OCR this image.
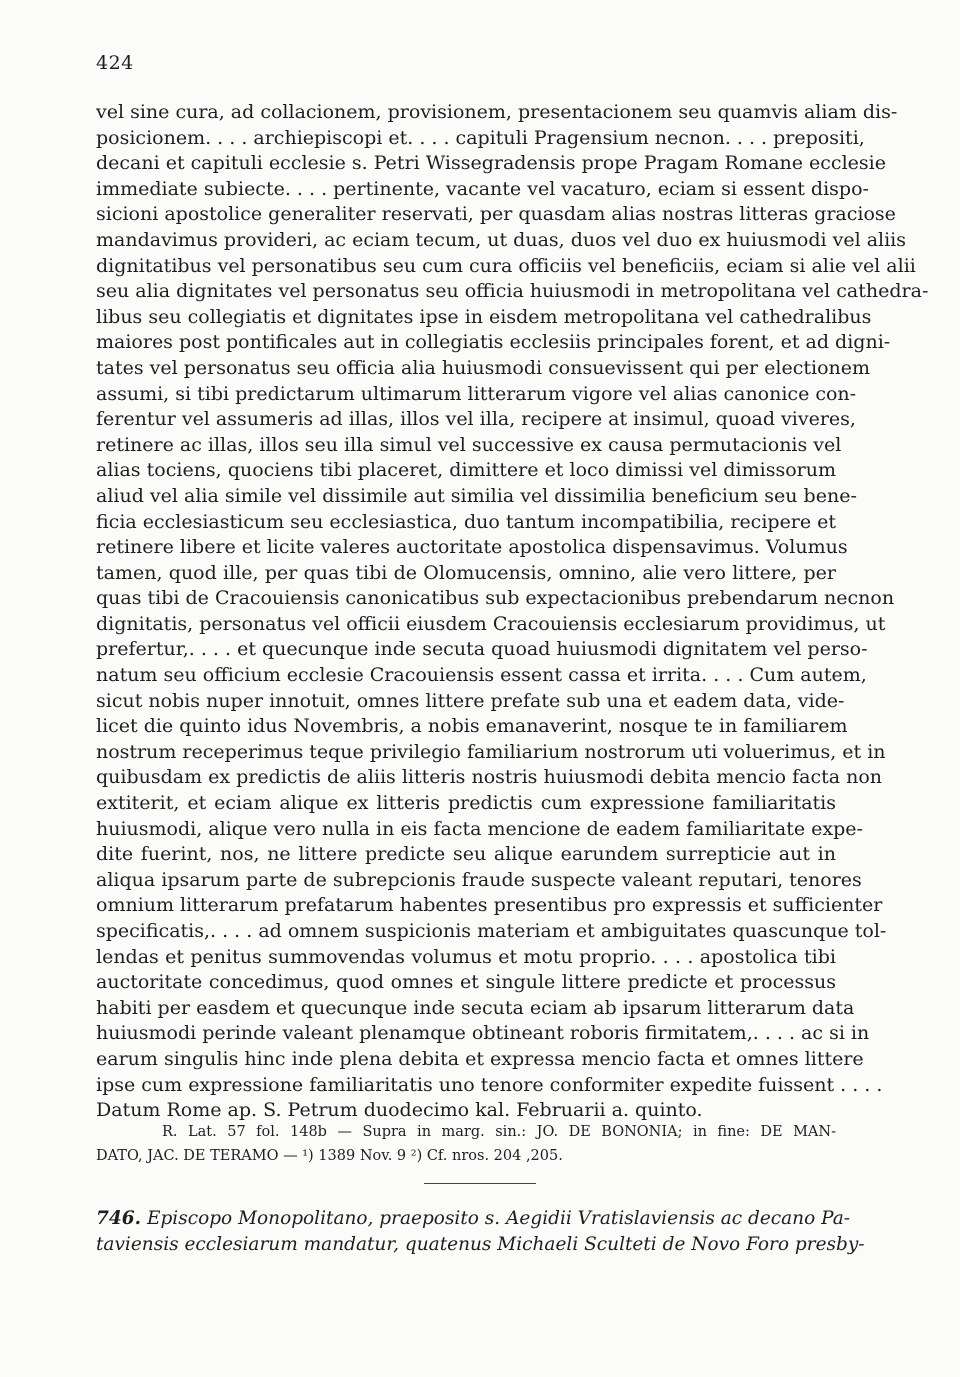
424
vel sine cura, ad collacionem, provisionem, presentacionem seu quamvis aliam dis-
posicionem. . . . archiepiscopi et. . . . capituli Pragensium necnon. . . . prepositi,
decani et capituli ecclesie s. Petri Wissegradensis prope Pragam Romane ecclesie
immediate subiecte. . . . pertinente, vacante vel vacaturo, eciam si essent dispo-
sicioni apostolice generaliter reservati, per quasdam alias nostras litteras graciose
mandavimus provideri, ac eciam tecum, ut duas, duos vel duo ex huiusmodi vel aliis
dignitatibus vel personatibus seu cum cura officiis vel beneficiis, eciam si alie vel alii
seu alia dignitates vel personatus seu officia huiusmodi in metropolitana vel cathedra-
libus seu collegiatis et dignitates ipse in eisdem metropolitana vel cathedralibus
maiores post pontificales aut in collegiatis ecclesiis principales forent, et ad digni-
tates vel personatus seu officia alia huiusmodi consuevissent qui per electionem
assumi, si tibi predictarum ultimarum litterarum vigore vel alias canonice con-
ferentur vel assumeris ad illas, illos vel illa, recipere at insimul, quoad viveres,
retinere ac illas, illos seu illa simul vel successive ex causa permutacionis vel
alias tociens, quociens tibi placeret, dimittere et loco dimissi vel dimissorum
aliud vel alia simile vel dissimile aut similia vel dissimilia beneficium seu bene-
ficia ecclesiasticum seu ecclesiastica, duo tantum incompatibilia, recipere et
retinere libere et licite valeres auctoritate apostolica dispensavimus. Volumus
tamen, quod ille, per quas tibi de Olomucensis, omnino, alie vero littere, per
quas tibi de Cracouiensis canonicatibus sub expectacionibus prebendarum necnon
dignitatis, personatus vel officii eiusdem Cracouiensis ecclesiarum providimus, ut
prefertur,. . . . et quecunque inde secuta quoad huiusmodi dignitatem vel perso-
natum seu officium ecclesie Cracouiensis essent cassa et irrita. . . . Cum autem,
sicut nobis nuper innotuit, omnes littere prefate sub una et eadem data, vide-
licet die quinto idus Novembris, a nobis emanaverint, nosque te in familiarem
nostrum receperimus teque privilegio familiarium nostrorum uti voluerimus, et in
quibusdam ex predictis de aliis litteris nostris huiusmodi debita mencio facta non
extiterit, et eciam alique ex litteris predictis cum expressione familiaritatis
huiusmodi, alique vero nulla in eis facta mencione de eadem familiaritate expe-
dite fuerint, nos, ne littere predicte seu alique earundem surrepticie aut in
aliqua ipsarum parte de subrepcionis fraude suspecte valeant reputari, tenores
omnium litterarum prefatarum habentes presentibus pro expressis et sufficienter
specificatis,. . . . ad omnem suspicionis materiam et ambiguitates quascunque tol-
lendas et penitus summovendas volumus et motu proprio. . . . apostolica tibi
auctoritate concedimus, quod omnes et singule littere predicte et processus
habiti per easdem et quecunque inde secuta eciam ab ipsarum litterarum data
huiusmodi perinde valeant plenamque obtineant roboris firmitatem,. . . . ac si in
earum singulis hinc inde plena debita et expressa mencio facta et omnes littere
ipse cum expressione familiaritatis uno tenore conformiter expedite fuissent . . . .
Datum Rome ap. S. Petrum duodecimo kal. Februarii a. quinto.
R. Lat. 57 fol. 148b — Supra in marg. sin.: JO. DE BONONIA; in fine: DE MAN-
DATO, JAC. DE TERAMO — ¹) 1389 Nov. 9 ²) Cf. nros. 204 ,205.
746. Episcopo Monopolitano, praeposito s. Aegidii Vratislaviensis ac decano Pa-
taviensis ecclesiarum mandatur, quatenus Michaeli Sculteti de Novo Foro presby-
